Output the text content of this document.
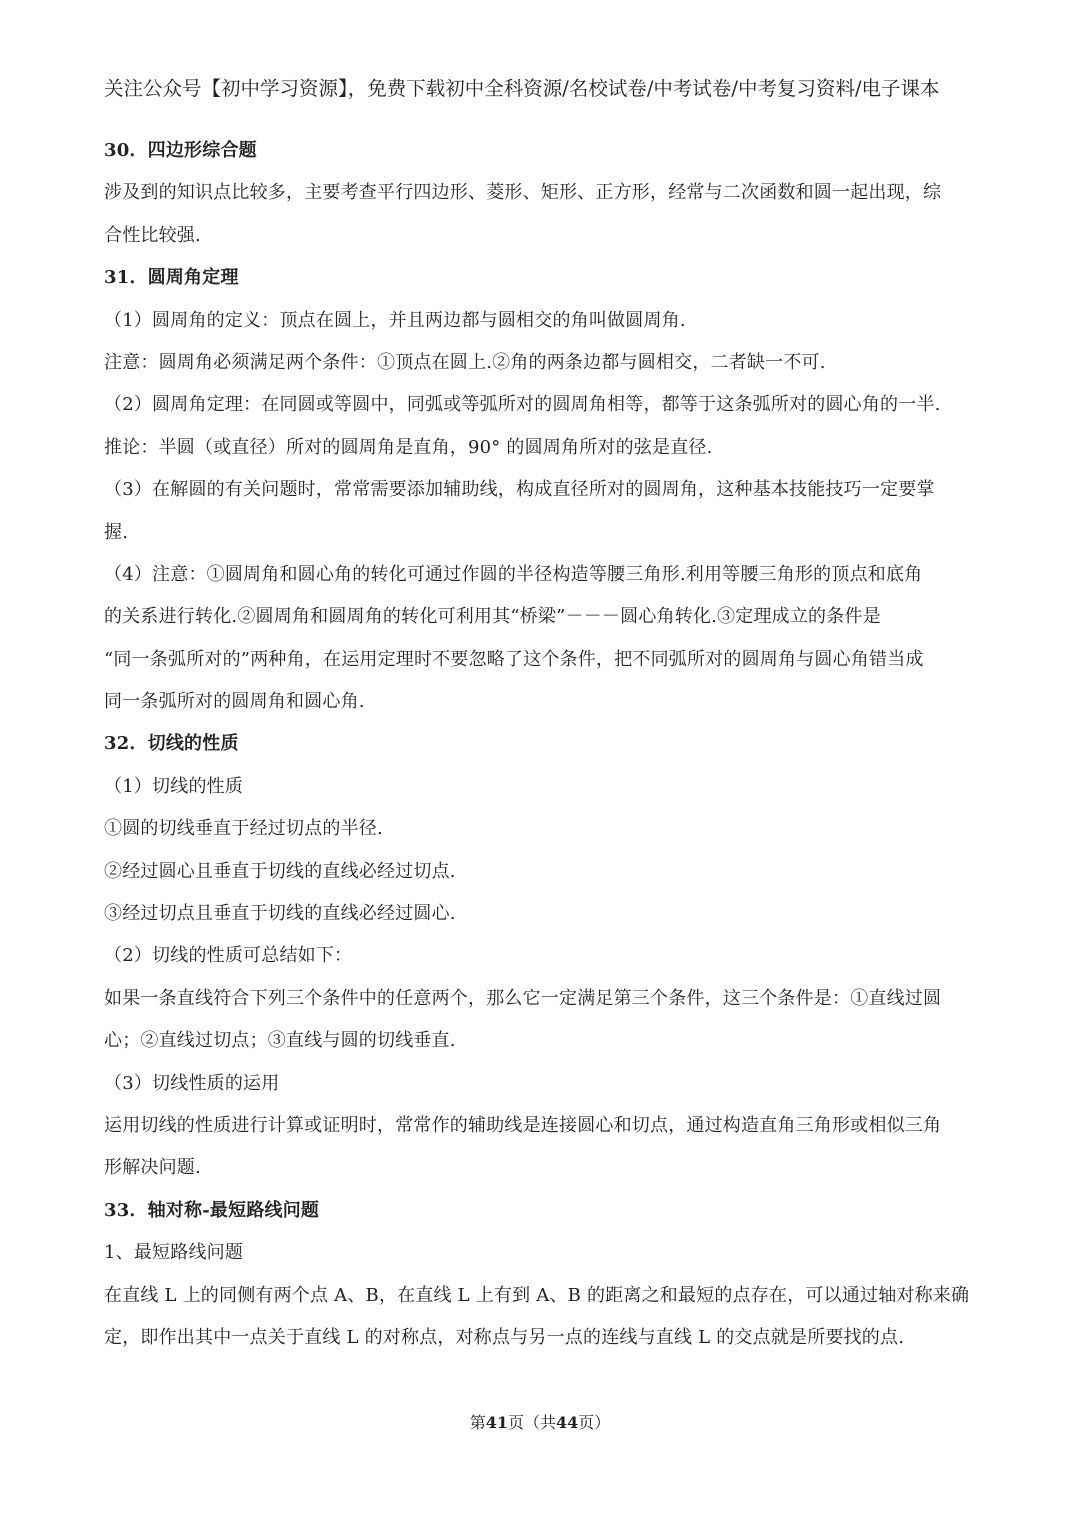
关注公众号【初中学习资源】，免费下载初中全科资源/名校试卷/中考试卷/中考复习资料/电子课本
30．四边形综合题
涉及到的知识点比较多，主要考查平行四边形、菱形、矩形、正方形，经常与二次函数和圆一起出现，综
合性比较强.
31．圆周角定理
（1）圆周角的定义：顶点在圆上，并且两边都与圆相交的角叫做圆周角.
注意：圆周角必须满足两个条件：①顶点在圆上.②角的两条边都与圆相交，二者缺一不可.
（2）圆周角定理：在同圆或等圆中，同弧或等弧所对的圆周角相等，都等于这条弧所对的圆心角的一半.
推论：半圆（或直径）所对的圆周角是直角，90° 的圆周角所对的弦是直径.
（3）在解圆的有关问题时，常常需要添加辅助线，构成直径所对的圆周角，这种基本技能技巧一定要掌
握.
（4）注意：①圆周角和圆心角的转化可通过作圆的半径构造等腰三角形.利用等腰三角形的顶点和底角
的关系进行转化.②圆周角和圆周角的转化可利用其“桥梁”－－－圆心角转化.③定理成立的条件是
“同一条弧所对的”两种角，在运用定理时不要忽略了这个条件，把不同弧所对的圆周角与圆心角错当成
同一条弧所对的圆周角和圆心角.
32．切线的性质
（1）切线的性质
①圆的切线垂直于经过切点的半径.
②经过圆心且垂直于切线的直线必经过切点.
③经过切点且垂直于切线的直线必经过圆心.
（2）切线的性质可总结如下：
如果一条直线符合下列三个条件中的任意两个，那么它一定满足第三个条件，这三个条件是：①直线过圆
心；②直线过切点；③直线与圆的切线垂直.
（3）切线性质的运用
运用切线的性质进行计算或证明时，常常作的辅助线是连接圆心和切点，通过构造直角三角形或相似三角
形解决问题.
33．轴对称-最短路线问题
1、最短路线问题
在直线 L 上的同侧有两个点 A、B，在直线 L 上有到 A、B 的距离之和最短的点存在，可以通过轴对称来确
定，即作出其中一点关于直线 L 的对称点，对称点与另一点的连线与直线 L 的交点就是所要找的点.
第41页（共44页）
